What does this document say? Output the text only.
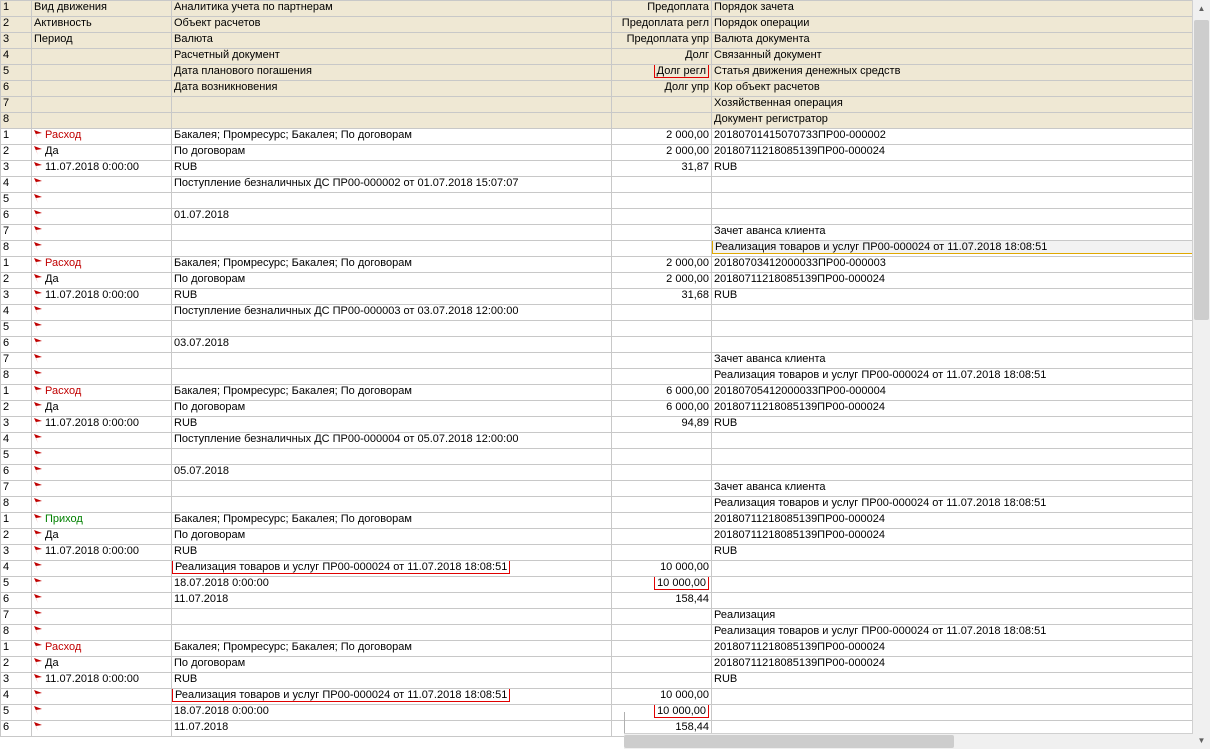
1	Вид движения	Аналитика учета по партнерам	Предоплата	Порядок зачета
2	Активность	Объект расчетов	Предоплата регл	Порядок операции
3	Период	Валюта	Предоплата упр	Валюта документа
4		Расчетный документ	Долг	Связанный документ
5		Дата планового погашения	Долг регл	Статья движения денежных средств
6		Дата возникновения	Долг упр	Кор объект расчетов
7				Хозяйственная операция
8				Документ регистратор
1	Расход	Бакалея; Промресурс; Бакалея; По договорам	2 000,00	20180701415070733ПР00-000002
2	Да	По договорам	2 000,00	20180711218085139ПР00-000024
3	11.07.2018 0:00:00	RUB	31,87	RUB
4		Поступление безналичных ДС ПР00-000002 от 01.07.2018 15:07:07		
5	

6		01.07.2018		
7				Зачет аванса клиента
8				Реализация товаров и услуг ПР00-000024 от 11.07.2018 18:08:51

1	Расход	Бакалея; Промресурс; Бакалея; По договорам	2 000,00	20180703412000033ПР00-000003
2	Да	По договорам	2 000,00	20180711218085139ПР00-000024
3	11.07.2018 0:00:00	RUB	31,68	RUB
4		Поступление безналичных ДС ПР00-000003 от 03.07.2018 12:00:00		
5	

6		03.07.2018		
7				Зачет аванса клиента
8				Реализация товаров и услуг ПР00-000024 от 11.07.2018 18:08:51
1	Расход	Бакалея; Промресурс; Бакалея; По договорам	6 000,00	20180705412000033ПР00-000004
2	Да	По договорам	6 000,00	20180711218085139ПР00-000024
3	11.07.2018 0:00:00	RUB	94,89	RUB
4		Поступление безналичных ДС ПР00-000004 от 05.07.2018 12:00:00		
5	

6		05.07.2018		
7				Зачет аванса клиента
8				Реализация товаров и услуг ПР00-000024 от 11.07.2018 18:08:51
1	Приход	Бакалея; Промресурс; Бакалея; По договорам		20180711218085139ПР00-000024
2	Да	По договорам		20180711218085139ПР00-000024
3	11.07.2018 0:00:00	RUB		RUB
4		Реализация товаров и услуг ПР00-000024 от 11.07.2018 18:08:51	10 000,00	
5		18.07.2018 0:00:00	10 000,00	
6		11.07.2018	158,44	
7				Реализация
8				Реализация товаров и услуг ПР00-000024 от 11.07.2018 18:08:51
1	Расход	Бакалея; Промресурс; Бакалея; По договорам		20180711218085139ПР00-000024
2	Да	По договорам		20180711218085139ПР00-000024
3	11.07.2018 0:00:00	RUB		RUB
4		Реализация товаров и услуг ПР00-000024 от 11.07.2018 18:08:51	10 000,00	
5		18.07.2018 0:00:00	10 000,00	
6		11.07.2018	158,44	
▲
▼
